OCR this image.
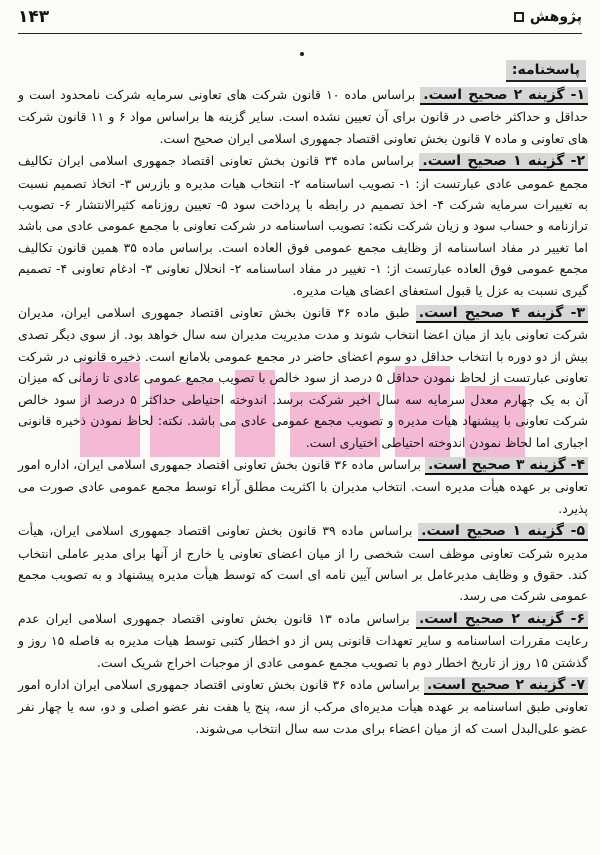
۱۴۳	پژوهش
پاسخنامه:

۱- گزینه ۲ صحیح است. براساس ماده ۱۰ قانون شرکت های تعاونی سرمایه شرکت نامحدود است و حداقل و حداکثر خاصی در قانون برای آن تعیین نشده است. سایر گزینه ها براساس مواد ۶ و ۱۱ قانون شرکت های تعاونی و ماده ۷ قانون بخش تعاونی اقتصاد جمهوری اسلامی ایران صحیح است.

۲- گزینه ۱ صحیح است. براساس ماده ۳۴ قانون بخش تعاونی اقتصاد جمهوری اسلامی ایران تکالیف مجمع عمومی عادی عبارتست از: ۱- تصویب اساسنامه ۲- انتخاب هیات مدیره و بازرس ۳- اتخاذ تصمیم نسبت به تغییرات سرمایه شرکت ۴- اخذ تصمیم در رابطه با پرداخت سود ۵- تعیین روزنامه کثیرالانتشار ۶- تصویب ترازنامه و حساب سود و زیان شرکت نکته: تصویب اساسنامه در شرکت تعاونی با مجمع عمومی عادی می باشد اما تغییر در مفاد اساسنامه از وظایف مجمع عمومی فوق العاده است. براساس ماده ۳۵ همین قانون تکالیف مجمع عمومی فوق العاده عبارتست از: ۱- تغییر در مفاد اساسنامه ۲- انحلال تعاونی ۳- ادغام تعاونی ۴- تصمیم گیری نسبت به عزل یا قبول استعفای اعضای هیات مدیره.

۳- گزینه ۴ صحیح است. طبق ماده ۳۶ قانون بخش تعاونی اقتصاد جمهوری اسلامی ایران، مدیران شرکت تعاونی باید از میان اعضا انتخاب شوند و مدت مدیریت مدیران سه سال خواهد بود. از سوی دیگر تصدی بیش از دو دوره با انتخاب حداقل دو سوم اعضای حاضر در مجمع عمومی بلامانع است. ذخیره قانونی در شرکت تعاونی عبارتست از لحاظ نمودن حداقل ۵ درصد از سود خالص با تصویب مجمع عمومی عادی تا زمانی که میزان آن به یک چهارم معدل سرمایه سه سال اخیر شرکت برسد. اندوخته احتیاطی حداکثر ۵ درصد از سود خالص شرکت تعاونی با پیشنهاد هیات مدیره و تصویب مجمع عمومی عادی می باشد. نکته: لحاظ نمودن ذخیره قانونی اجباری اما لحاظ نمودن اندوخته احتیاطی اختیاری است.

۴- گزینه ۳ صحیح است. براساس ماده ۳۶ قانون بخش تعاونی اقتصاد جمهوری اسلامی ایران، اداره امور تعاونی بر عهده هیأت مدیره است. انتخاب مدیران با اکثریت مطلق آراء توسط مجمع عمومی عادی صورت می پذیرد.

۵- گزینه ۱ صحیح است. براساس ماده ۳۹ قانون بخش تعاونی اقتصاد جمهوری اسلامی ایران، هیأت مدیره شرکت تعاونی موظف است شخصی را از میان اعضای تعاونی یا خارج از آنها برای مدیر عاملی انتخاب کند. حقوق و وظایف مدیرعامل بر اساس آیین نامه ای است که توسط هیأت مدیره پیشنهاد و به تصویب مجمع عمومی شرکت می رسد.

۶- گزینه ۲ صحیح است. براساس ماده ۱۳ قانون بخش تعاونی اقتصاد جمهوری اسلامی ایران عدم رعایت مقررات اساسنامه و سایر تعهدات قانونی پس از دو اخطار کتبی توسط هیات مدیره به فاصله ۱۵ روز و گذشتن ۱۵ روز از تاریخ اخطار دوم با تصویب مجمع عمومی عادی از موجبات اخراج شریک است.

۷- گزینه ۲ صحیح است. براساس ماده ۳۶ قانون بخش تعاونی اقتصاد جمهوری اسلامی ایران اداره امور تعاونی طبق اساسنامه بر عهده هیأت مدیره‌ای مرکب از سه، پنج یا هفت نفر عضو اصلی و دو، سه یا چهار نفر عضو علی‌البدل است که از میان اعضاء برای مدت سه سال انتخاب می‌شوند.
